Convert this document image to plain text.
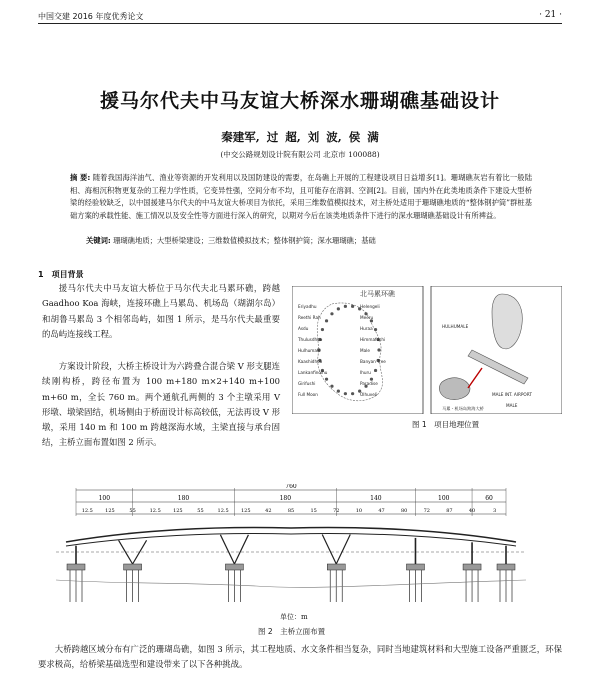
中国交建 2016 年度优秀论文	· 21 ·
援马尔代夫中马友谊大桥深水珊瑚礁基础设计
秦建军, 过 超, 刘 波, 侯 满
(中交公路规划设计院有限公司 北京市 100088)
摘 要: 随着我国海洋油气、渔业等资源的开发利用以及国防建设的需要，在岛礁上开展的工程建设项目日益增多[1]。珊瑚礁灰岩有着比一般陆相、海相沉积物更复杂的工程力学性质，它变异性强，空间分布不均，且可能存在溶洞、空洞[2]。目前，国内外在此类地质条件下建设大型桥梁的经验较缺乏，以中国援建马尔代夫的中马友谊大桥项目为依托，采用三维数值模拟技术，对主桥处适用于珊瑚礁地质的“整体钢护筒”群桩基础方案的承载性能、施工情况以及安全性等方面进行深入的研究，以期对今后在该类地质条件下进行的深水珊瑚礁基础设计有所裨益。
关键词: 珊瑚礁地质；大型桥梁建设；三维数值模拟技术；整体钢护筒；深水珊瑚礁；基础
1　项目背景
援马尔代夫中马友谊大桥位于马尔代夫北马累环礁，跨越 Gaadhoo Koa 海峡，连接环礁上马累岛、机场岛（瑚湖尔岛）和胡鲁马累岛 3 个相邻岛屿，如图 1 所示，是马尔代夫最重要的岛屿连接线工程。
方案设计阶段，大桥主桥设计为六跨叠合混合梁 V 形支腿连续刚构桥，跨径布置为 100 m+180 m×2+140 m+100 m+60 m，全长 760 m。两个通航孔两侧的 3 个主墩采用 V 形墩、墩梁固结，机场侧由于桥面设计标高较低，无法再设 V 形墩，采用 140 m 和 100 m 跨越深海水域，主梁直接与承台固结，主桥立面布置如图 2 所示。
北马累环礁
Eriyadhu	Helengeli
Reethi Rah	Meeru
Asdu	Huraa
Thulusdhoo	Himmafushi
Hulhumale	Male
Kaashidhoo	Banyan Tree
Lankanfinolhu	Ihuru
Girifushi	Paradise
Full Moon	Olhuveli
HULHUMALE
MALE INT. AIRPORT
MALE
马累 - 机场岛跨海大桥
图 1　项目地理位置
760
100	180	180	140	100	60
12.5 125	55	12.5 125	55	12.5 125	42	85	15	72	10	47	80	72	87	40	3
单位：m
图 2　主桥立面布置
大桥跨越区域分布有广泛的珊瑚岛礁，如图 3 所示，其工程地质、水文条件相当复杂，同时当地建筑材料和大型施工设备严重匮乏，环保要求极高，给桥梁基础选型和建设带来了以下各种挑战。
